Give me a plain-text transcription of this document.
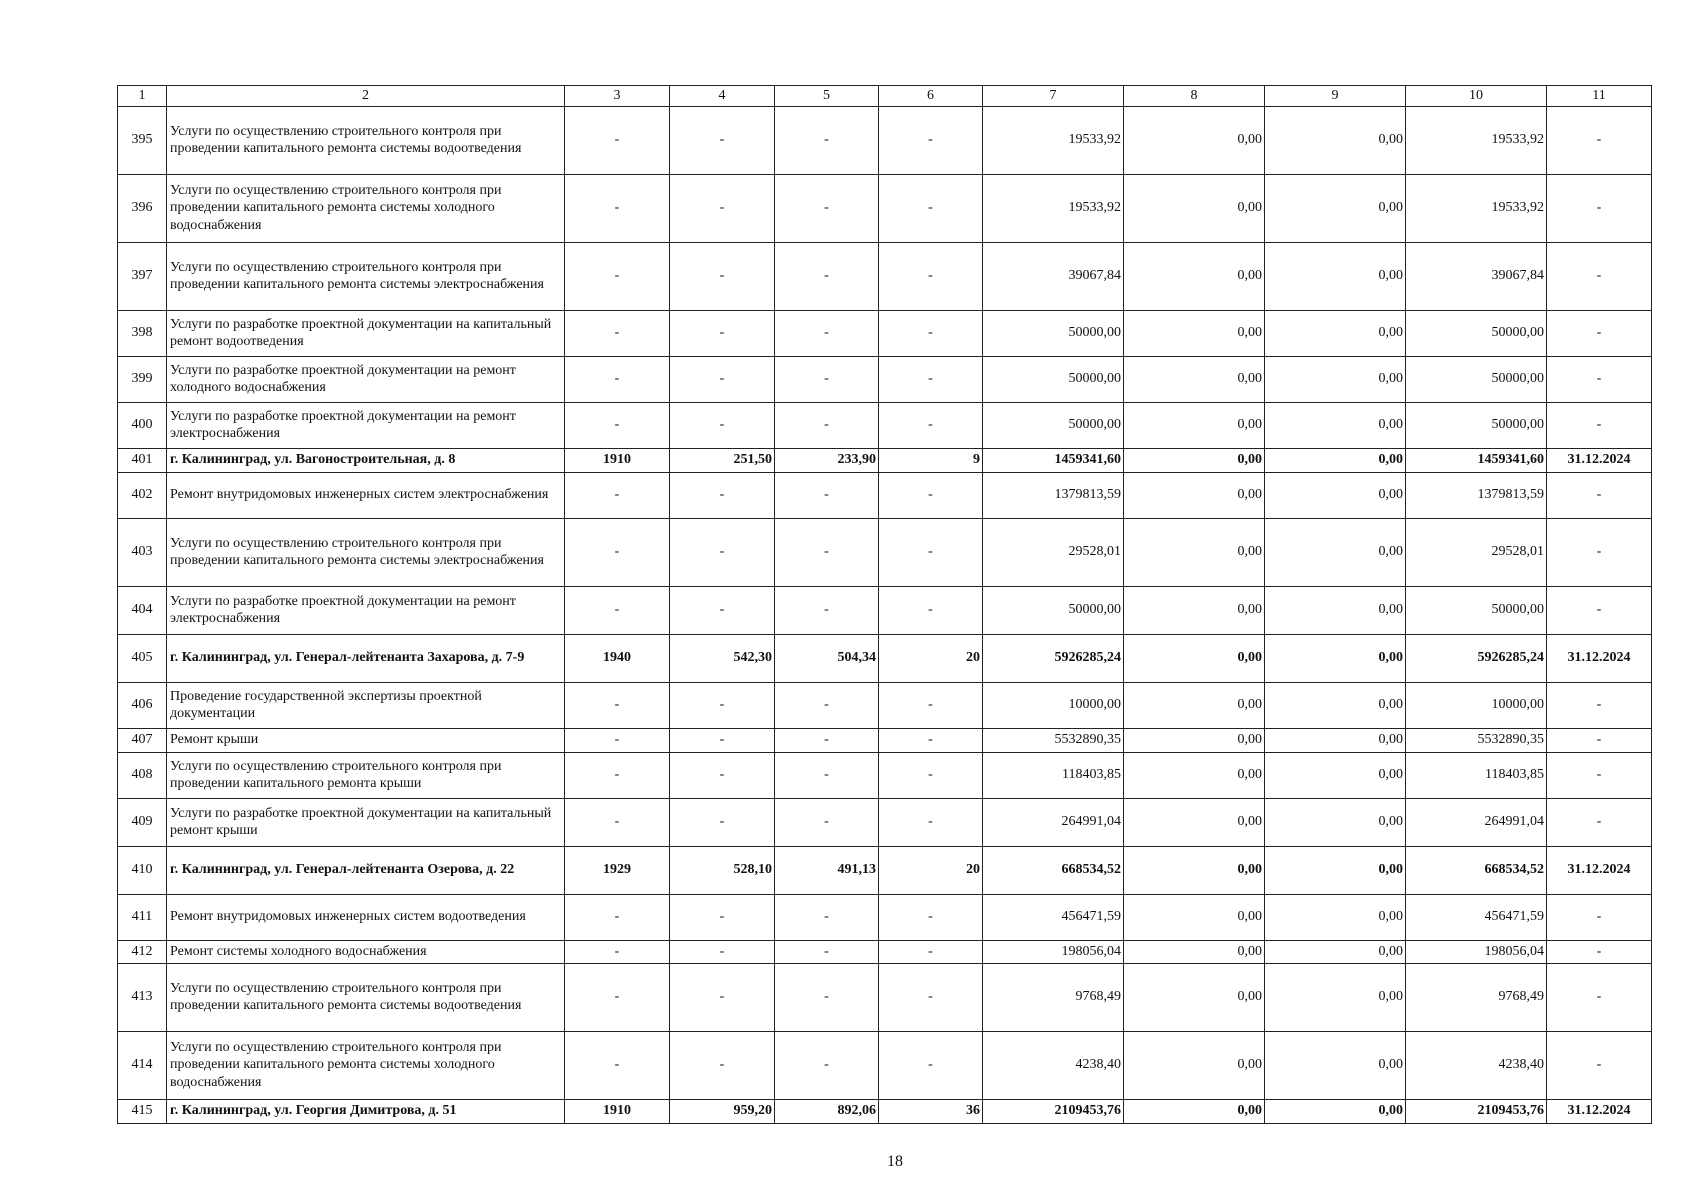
1	2	3	4	5	6	7	8	9	10	11
395	Услуги по осуществлению строительного контроля при проведении капитального ремонта системы водоотведения	-	-	-	-	19533,92	0,00	0,00	19533,92	-
396	Услуги по осуществлению строительного контроля при проведении капитального ремонта системы холодного водоснабжения	-	-	-	-	19533,92	0,00	0,00	19533,92	-
397	Услуги по осуществлению строительного контроля при проведении капитального ремонта системы электроснабжения	-	-	-	-	39067,84	0,00	0,00	39067,84	-
398	Услуги по разработке проектной документации на капитальный ремонт водоотведения	-	-	-	-	50000,00	0,00	0,00	50000,00	-
399	Услуги по разработке проектной документации на ремонт холодного водоснабжения	-	-	-	-	50000,00	0,00	0,00	50000,00	-
400	Услуги по разработке проектной документации на ремонт электроснабжения	-	-	-	-	50000,00	0,00	0,00	50000,00	-
401	г. Калининград, ул. Вагоностроительная, д. 8	1910	251,50	233,90	9	1459341,60	0,00	0,00	1459341,60	31.12.2024
402	Ремонт внутридомовых инженерных систем электроснабжения	-	-	-	-	1379813,59	0,00	0,00	1379813,59	-
403	Услуги по осуществлению строительного контроля при проведении капитального ремонта системы электроснабжения	-	-	-	-	29528,01	0,00	0,00	29528,01	-
404	Услуги по разработке проектной документации на ремонт электроснабжения	-	-	-	-	50000,00	0,00	0,00	50000,00	-
405	г. Калининград, ул. Генерал-лейтенанта Захарова, д. 7-9	1940	542,30	504,34	20	5926285,24	0,00	0,00	5926285,24	31.12.2024
406	Проведение государственной экспертизы проектной документации	-	-	-	-	10000,00	0,00	0,00	10000,00	-
407	Ремонт крыши	-	-	-	-	5532890,35	0,00	0,00	5532890,35	-
408	Услуги по осуществлению строительного контроля при проведении капитального ремонта крыши	-	-	-	-	118403,85	0,00	0,00	118403,85	-
409	Услуги по разработке проектной документации на капитальный ремонт крыши	-	-	-	-	264991,04	0,00	0,00	264991,04	-
410	г. Калининград, ул. Генерал-лейтенанта Озерова, д. 22	1929	528,10	491,13	20	668534,52	0,00	0,00	668534,52	31.12.2024
411	Ремонт внутридомовых инженерных систем водоотведения	-	-	-	-	456471,59	0,00	0,00	456471,59	-
412	Ремонт системы холодного водоснабжения	-	-	-	-	198056,04	0,00	0,00	198056,04	-
413	Услуги по осуществлению строительного контроля при проведении капитального ремонта системы водоотведения	-	-	-	-	9768,49	0,00	0,00	9768,49	-
414	Услуги по осуществлению строительного контроля при проведении капитального ремонта системы холодного водоснабжения	-	-	-	-	4238,40	0,00	0,00	4238,40	-
415	г. Калининград, ул. Георгия Димитрова, д. 51	1910	959,20	892,06	36	2109453,76	0,00	0,00	2109453,76	31.12.2024
18
